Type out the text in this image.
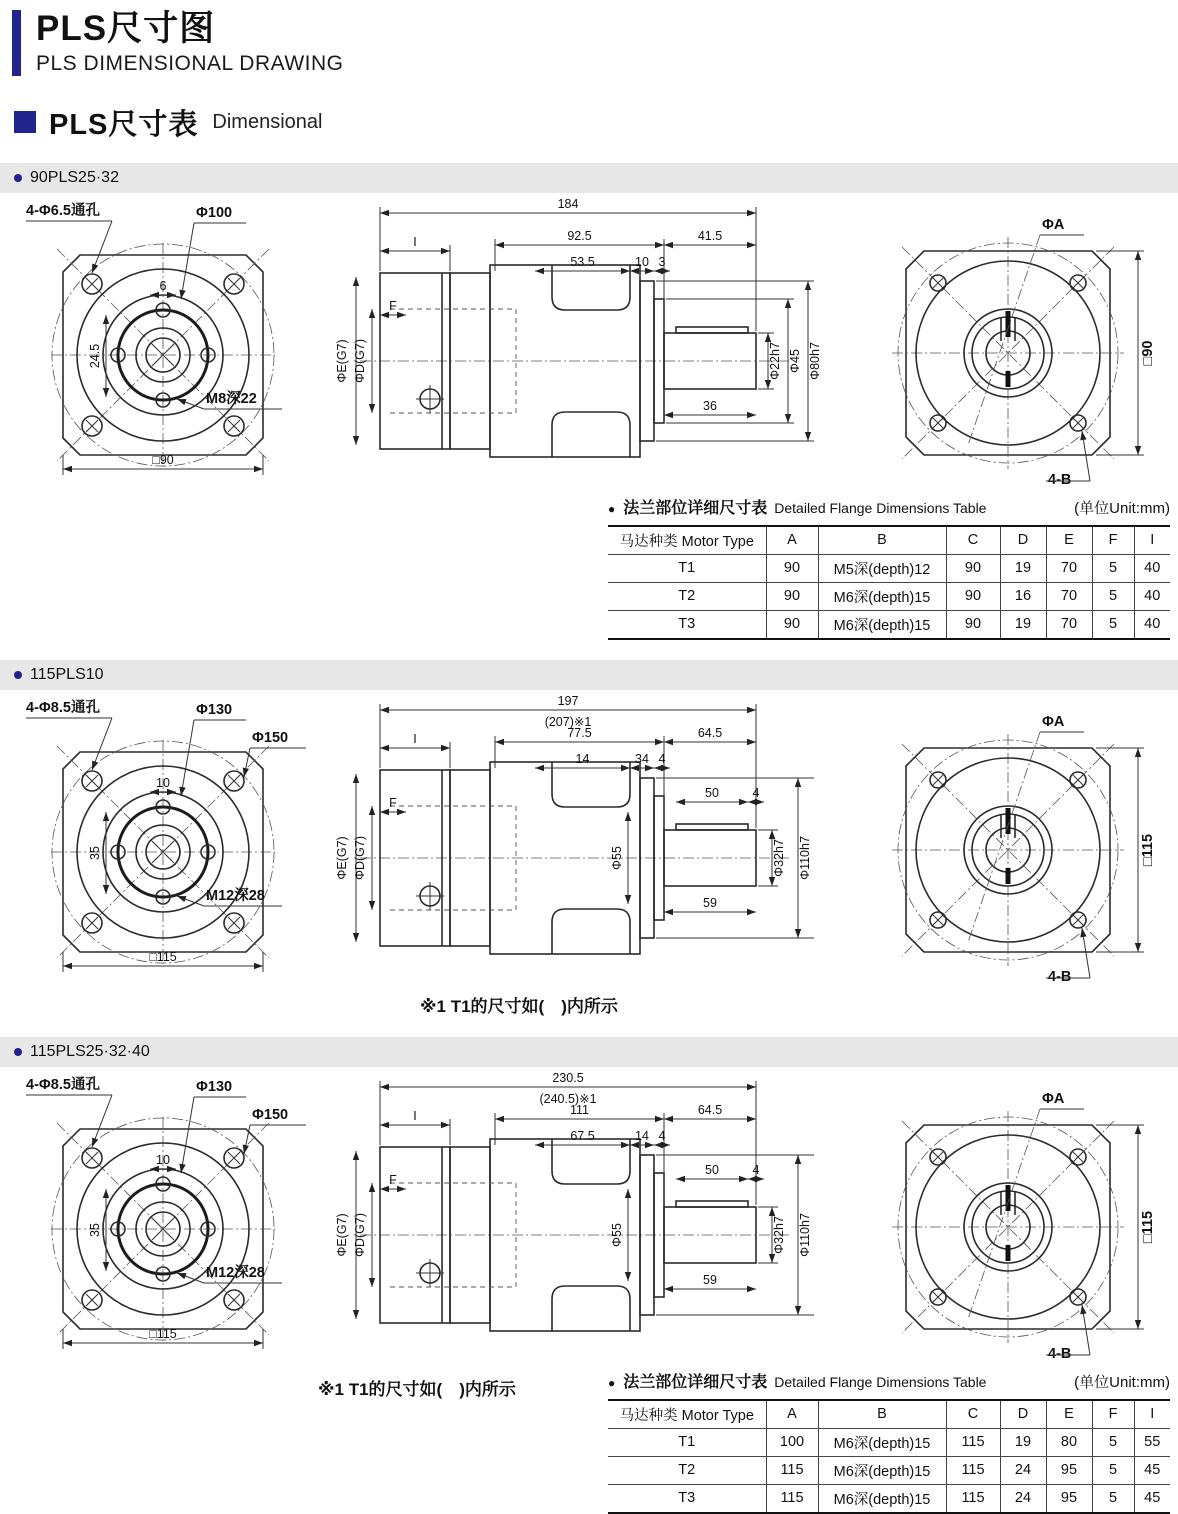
PLS尺寸图
PLS DIMENSIONAL DRAWING
PLS尺寸表 Dimensional
90PLS25·32
6
24.5
4-Φ6.5通孔	Φ100
M8深22
□90
184
92.5	41.5
53.5	10 3
I
F
ΦE(G7) ΦD(G7)
36
Φ22h7 Φ45 Φ80h7
ΦA
□90
4-B
● 法兰部位详细尺寸表 Detailed Flange Dimensions Table	(单位Unit:mm)
马达种类 Motor Type	A	B	C	D	E	F	I
T1	90	M5深(depth)12	90	19	70	5	40
T2	90	M6深(depth)15	90	16	70	5	40
T3	90	M6深(depth)15	90	19	70	5	40
115PLS10
10
35
4-Φ8.5通孔	Φ130
Φ150
M12深28
□115
197
(207)※1
77.5	64.5
14	34 4
I
F
ΦE(G7) ΦD(G7)	Φ55
50	4
59
Φ32h7 Φ110h7
ΦA
□115
4-B
※1 T1的尺寸如(　)内所示
115PLS25·32·40
10
35
4-Φ8.5通孔	Φ130
Φ150
M12深28
□115
230.5
(240.5)※1
111	64.5
67.5	14 4
I
F
ΦE(G7) ΦD(G7)	Φ55
50	4
59
Φ32h7 Φ110h7
ΦA
□115
4-B
※1 T1的尺寸如(　)内所示	● 法兰部位详细尺寸表 Detailed Flange Dimensions Table	(单位Unit:mm)
马达种类 Motor Type	A	B	C	D	E	F	I
T1	100	M6深(depth)15	115	19	80	5	55
T2	115	M6深(depth)15	115	24	95	5	45
T3	115	M6深(depth)15	115	24	95	5	45
